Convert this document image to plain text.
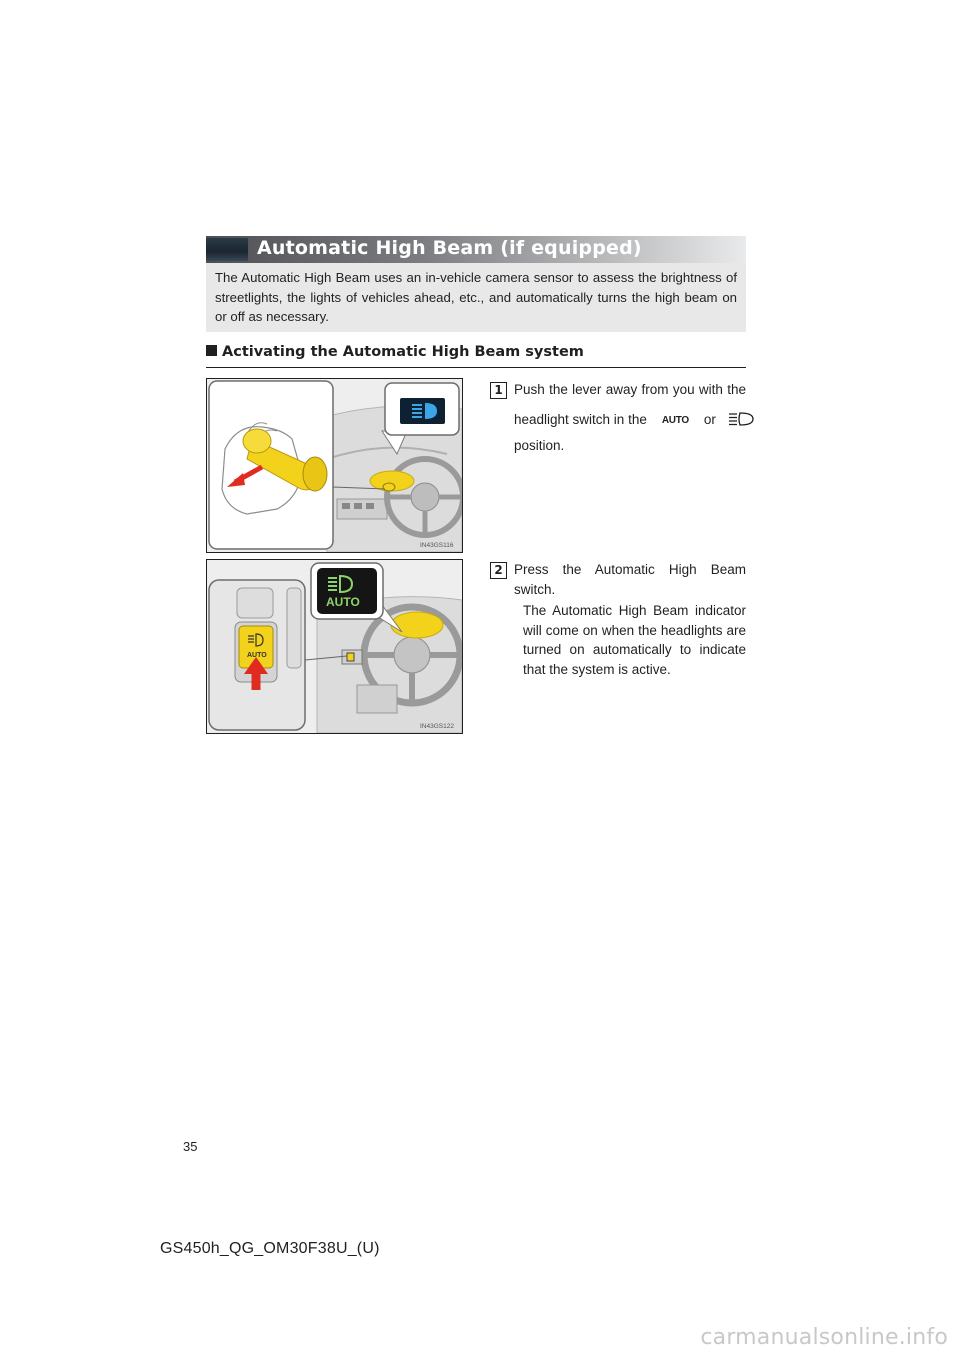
Automatic High Beam (if equipped)
The Automatic High Beam uses an in-vehicle camera sensor to assess the brightness of streetlights, the lights of vehicles ahead, etc., and automatically turns the high beam on or off as necessary.
Activating the Automatic High Beam system
IN43GS116
AUTO
AUTO
IN43GS122
1 Push the lever away from you with the
headlight switch in the AUTO or
position.
2 Press the Automatic High Beam
switch.
The Automatic High Beam indicator will come on when the headlights are turned on automatically to indicate that the system is active.
35
GS450h_QG_OM30F38U_(U)
carmanualsonline.info
